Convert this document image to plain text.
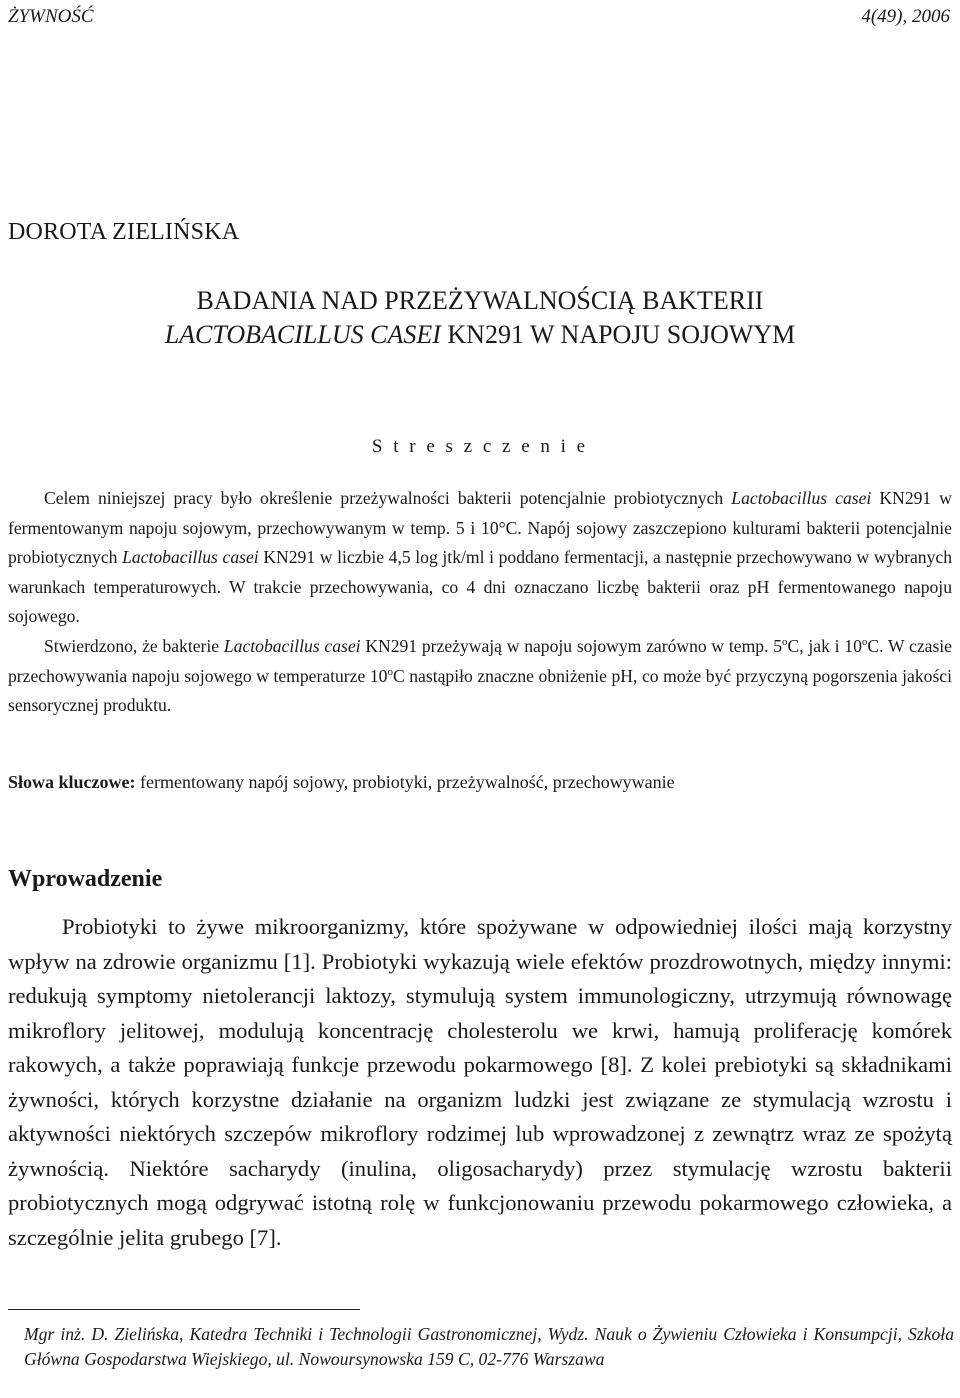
ŻYWNOŚĆ	4(49), 2006
DOROTA ZIELIŃSKA
BADANIA NAD PRZEŻYWALNOŚCIĄ BAKTERII
LACTOBACILLUS CASEI KN291 W NAPOJU SOJOWYM
S t r e s z c z e n i e

Celem niniejszej pracy było określenie przeżywalności bakterii potencjalnie probiotycznych Lactobacillus casei KN291 w fermentowanym napoju sojowym, przechowywanym w temp. 5 i 10°C. Napój sojowy zaszczepiono kulturami bakterii potencjalnie probiotycznych Lactobacillus casei KN291 w liczbie 4,5 log jtk/ml i poddano fermentacji, a następnie przechowywano w wybranych warunkach temperaturowych. W trakcie przechowywania, co 4 dni oznaczano liczbę bakterii oraz pH fermentowanego napoju sojowego.

Stwierdzono, że bakterie Lactobacillus casei KN291 przeżywają w napoju sojowym zarówno w temp. 5$^o$C, jak i 10$^o$C. W czasie przechowywania napoju sojowego w temperaturze 10$^o$C nastąpiło znaczne obniżenie pH, co może być przyczyną pogorszenia jakości sensorycznej produktu.

Słowa kluczowe: fermentowany napój sojowy, probiotyki, przeżywalność, przechowywanie
Wprowadzenie
Probiotyki to żywe mikroorganizmy, które spożywane w odpowiedniej ilości mają korzystny wpływ na zdrowie organizmu [1]. Probiotyki wykazują wiele efektów prozdrowotnych, między innymi: redukują symptomy nietolerancji laktozy, stymulują system immunologiczny, utrzymują równowagę mikroflory jelitowej, modulują koncentrację cholesterolu we krwi, hamują proliferację komórek rakowych, a także poprawiają funkcje przewodu pokarmowego [8]. Z kolei prebiotyki są składnikami żywności, których korzystne działanie na organizm ludzki jest związane ze stymulacją wzrostu i aktywności niektórych szczepów mikroflory rodzimej lub wprowadzonej z zewnątrz wraz ze spożytą żywnością. Niektóre sacharydy (inulina, oligosacharydy) przez stymulację wzrostu bakterii probiotycznych mogą odgrywać istotną rolę w funkcjonowaniu przewodu pokarmowego człowieka, a szczególnie jelita grubego [7].
Mgr inż. D. Zielińska, Katedra Techniki i Technologii Gastronomicznej, Wydz. Nauk o Żywieniu Człowieka i Konsumpcji, Szkoła Główna Gospodarstwa Wiejskiego, ul. Nowoursynowska 159 C, 02-776 Warszawa
